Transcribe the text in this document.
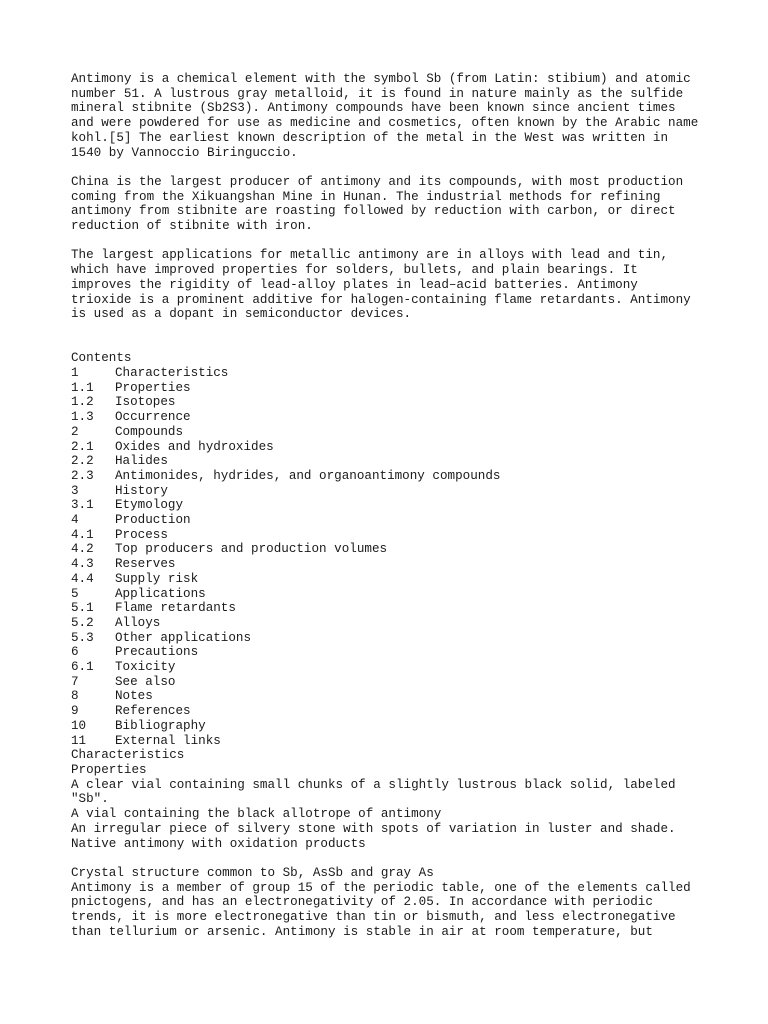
Antimony is a chemical element with the symbol Sb (from Latin: stibium) and atomic
number 51. A lustrous gray metalloid, it is found in nature mainly as the sulfide
mineral stibnite (Sb2S3). Antimony compounds have been known since ancient times
and were powdered for use as medicine and cosmetics, often known by the Arabic name
kohl.[5] The earliest known description of the metal in the West was written in
1540 by Vannoccio Biringuccio.

China is the largest producer of antimony and its compounds, with most production
coming from the Xikuangshan Mine in Hunan. The industrial methods for refining
antimony from stibnite are roasting followed by reduction with carbon, or direct
reduction of stibnite with iron.

The largest applications for metallic antimony are in alloys with lead and tin,
which have improved properties for solders, bullets, and plain bearings. It
improves the rigidity of lead-alloy plates in lead–acid batteries. Antimony
trioxide is a prominent additive for halogen-containing flame retardants. Antimony
is used as a dopant in semiconductor devices.

Contents

1	Characteristics
1.1	Properties
1.2	Isotopes
1.3	Occurrence
2	Compounds
2.1	Oxides and hydroxides
2.2	Halides
2.3	Antimonides, hydrides, and organoantimony compounds
3	History
3.1	Etymology
4	Production
4.1	Process
4.2	Top producers and production volumes
4.3	Reserves
4.4	Supply risk
5	Applications
5.1	Flame retardants
5.2	Alloys
5.3	Other applications
6	Precautions
6.1	Toxicity
7	See also
8	Notes
9	References
10	Bibliography
11	External links

Characteristics

Properties

A clear vial containing small chunks of a slightly lustrous black solid, labeled
"Sb".

A vial containing the black allotrope of antimony

An irregular piece of silvery stone with spots of variation in luster and shade.

Native antimony with oxidation products

Crystal structure common to Sb, AsSb and gray As

Antimony is a member of group 15 of the periodic table, one of the elements called
pnictogens, and has an electronegativity of 2.05. In accordance with periodic
trends, it is more electronegative than tin or bismuth, and less electronegative
than tellurium or arsenic. Antimony is stable in air at room temperature, but
